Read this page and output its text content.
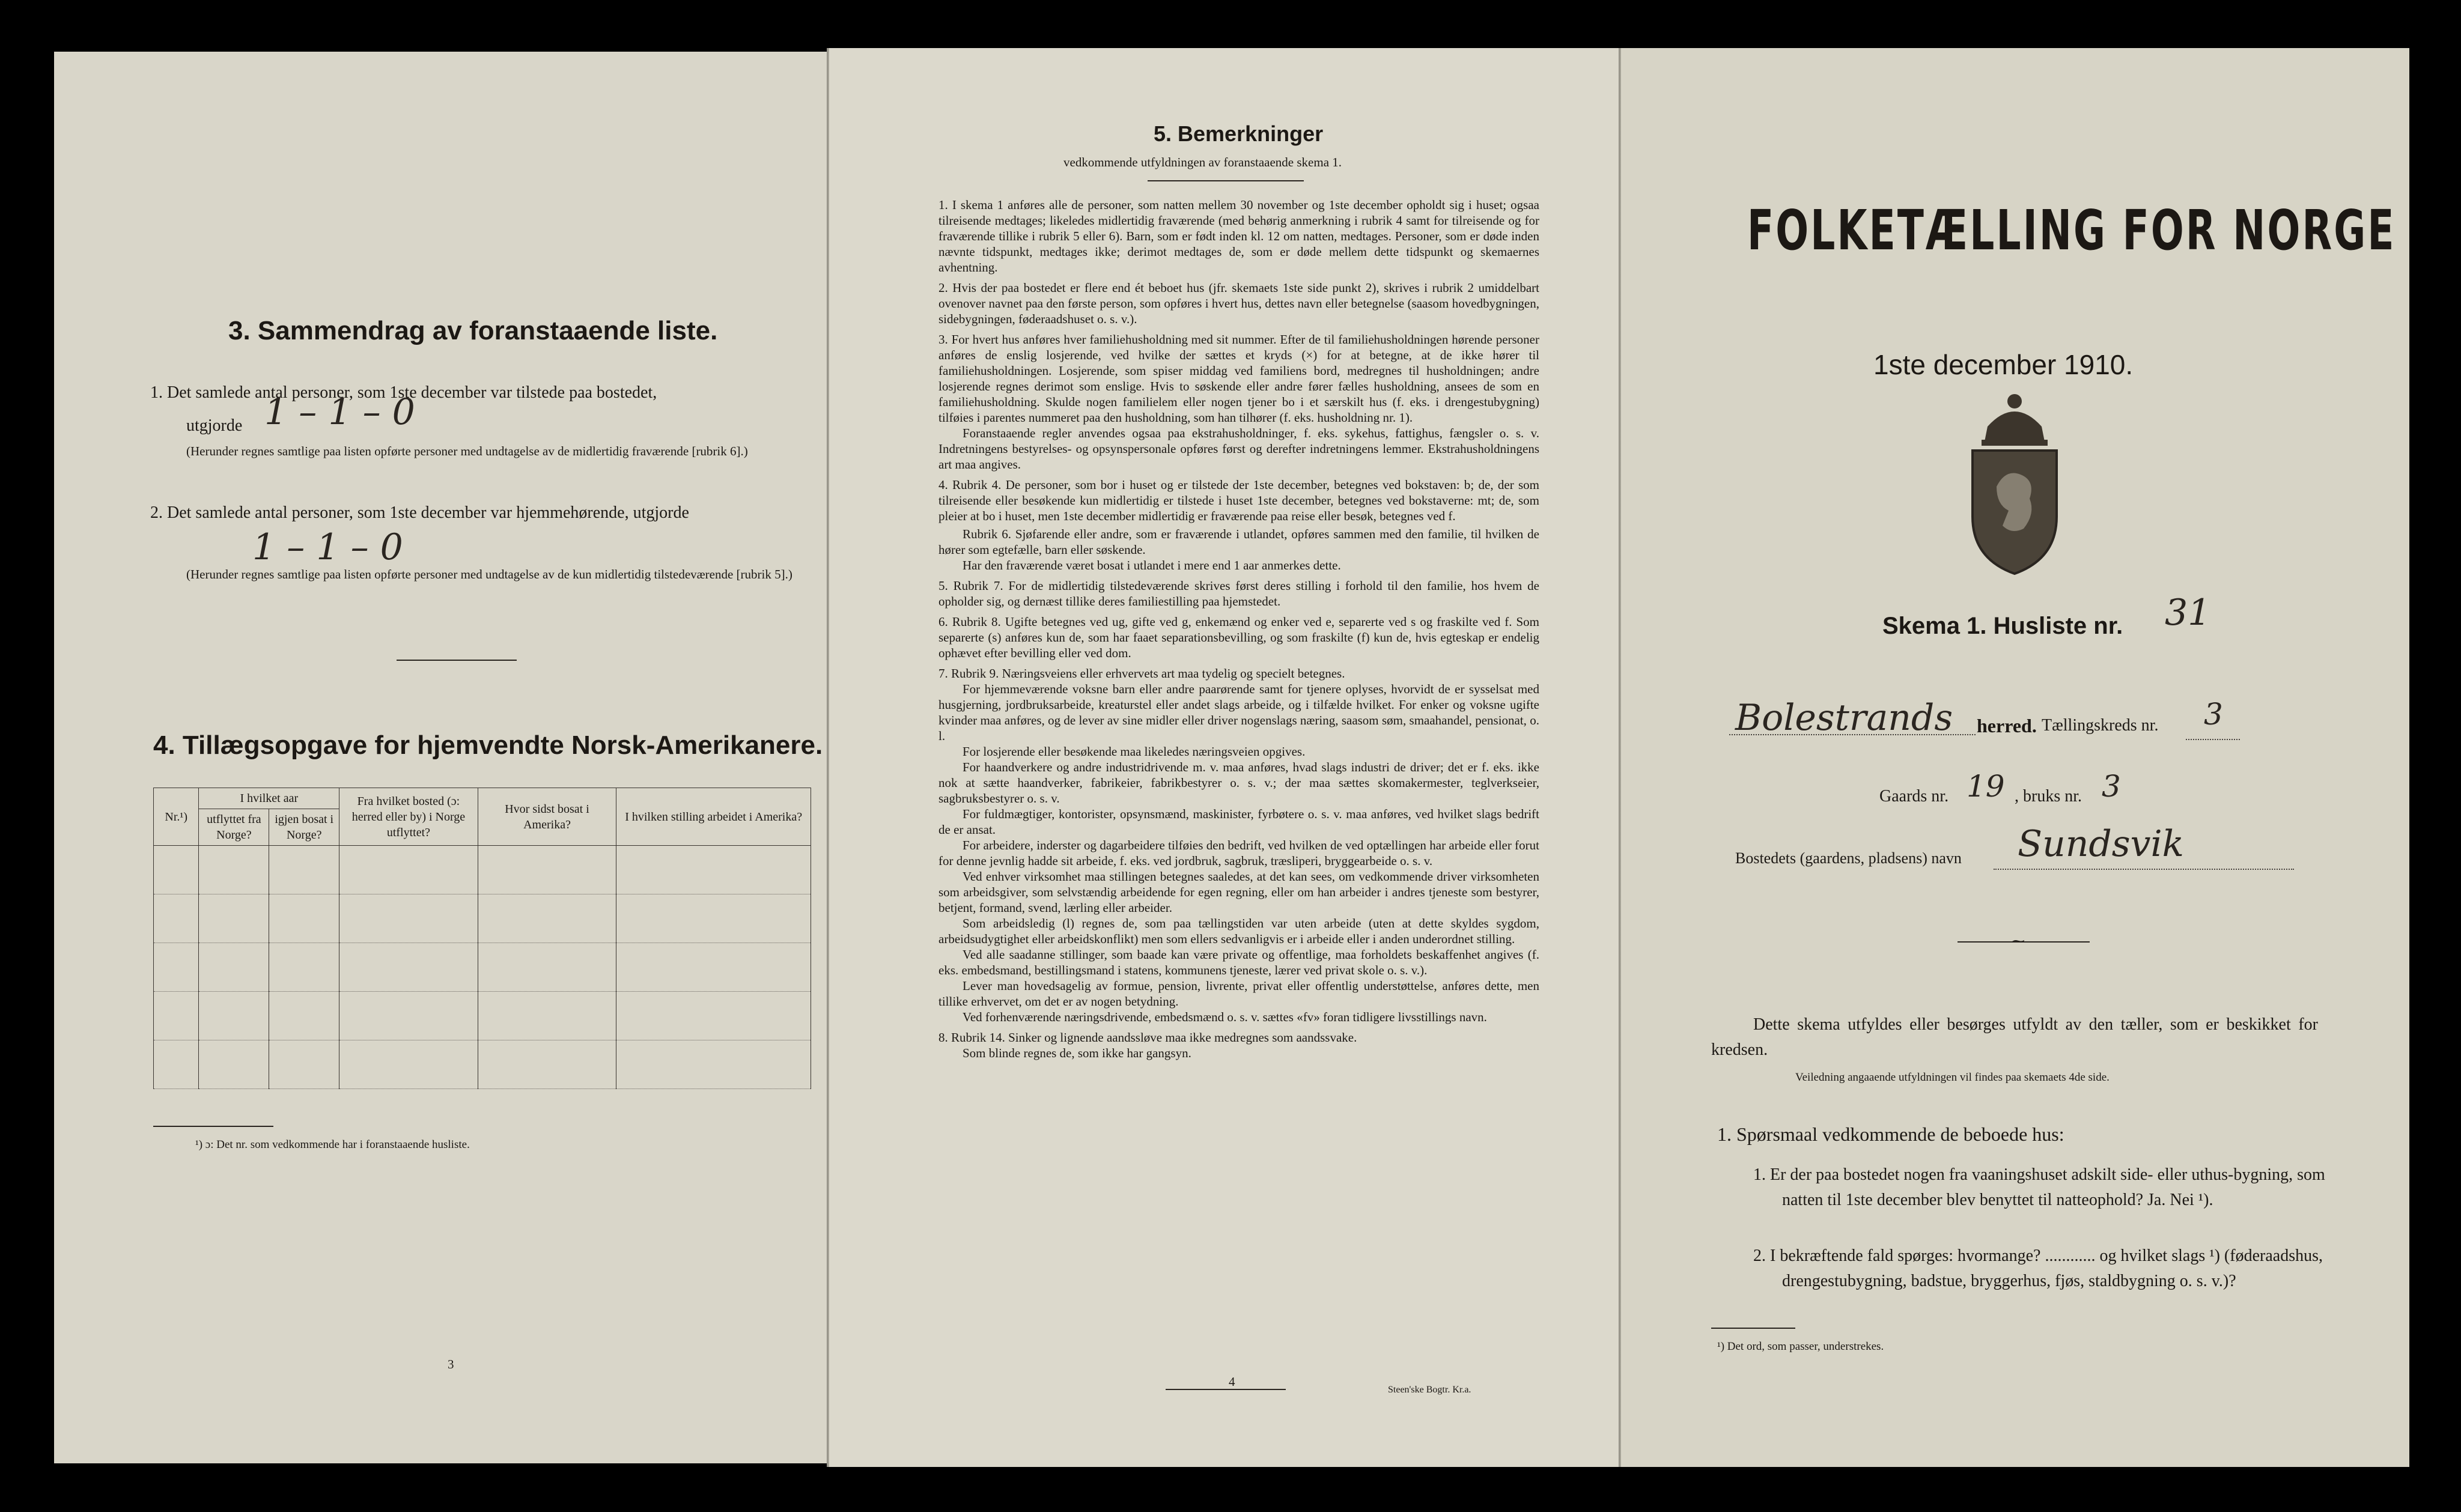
3. Sammendrag av foranstaaende liste.
1. Det samlede antal personer, som 1ste december var tilstede paa bostedet,
utgjorde 1 – 1 – 0
(Herunder regnes samtlige paa listen opførte personer med undtagelse av de midlertidig fraværende [rubrik 6].)
2. Det samlede antal personer, som 1ste december var hjemmehørende, utgjorde
1 – 1 – 0
(Herunder regnes samtlige paa listen opførte personer med undtagelse av de kun midlertidig tilstedeværende [rubrik 5].)
4. Tillægsopgave for hjemvendte Norsk-Amerikanere.
Nr.¹)	I hvilket aar		Fra hvilket bosted (ɔ: herred eller by) i Norge utflyttet?	Hvor sidst bosat i Amerika?	I hvilken stilling arbeidet i Amerika?
	utflyttet fra Norge?	igjen bosat i Norge?			

¹) ɔ: Det nr. som vedkommende har i foranstaaende husliste.
3
5. Bemerkninger
vedkommende utfyldningen av foranstaaende skema 1.

1. I skema 1 anføres alle de personer, som natten mellem 30 november og 1ste december opholdt sig i huset; ogsaa tilreisende medtages; likeledes midlertidig fraværende (med behørig anmerkning i rubrik 4 samt for tilreisende og for fraværende tillike i rubrik 5 eller 6). Barn, som er født inden kl. 12 om natten, medtages. Personer, som er døde inden nævnte tidspunkt, medtages ikke; derimot medtages de, som er døde mellem dette tidspunkt og skemaernes avhentning.

2. Hvis der paa bostedet er flere end ét beboet hus (jfr. skemaets 1ste side punkt 2), skrives i rubrik 2 umiddelbart ovenover navnet paa den første person, som opføres i hvert hus, dettes navn eller betegnelse (saasom hovedbygningen, sidebygningen, føderaadshuset o. s. v.).

3. For hvert hus anføres hver familiehusholdning med sit nummer. Efter de til familiehusholdningen hørende personer anføres de enslig losjerende, ved hvilke der sættes et kryds (×) for at betegne, at de ikke hører til familiehusholdningen. Losjerende, som spiser middag ved familiens bord, medregnes til husholdningen; andre losjerende regnes derimot som enslige. Hvis to søskende eller andre fører fælles husholdning, ansees de som en familiehusholdning. Skulde nogen familielem eller nogen tjener bo i et særskilt hus (f. eks. i drengestubygning) tilføies i parentes nummeret paa den husholdning, som han tilhører (f. eks. husholdning nr. 1).

Foranstaaende regler anvendes ogsaa paa ekstrahusholdninger, f. eks. sykehus, fattighus, fængsler o. s. v. Indretningens bestyrelses- og opsynspersonale opføres først og derefter indretningens lemmer. Ekstrahusholdningens art maa angives.

4. Rubrik 4. De personer, som bor i huset og er tilstede der 1ste december, betegnes ved bokstaven: b; de, der som tilreisende eller besøkende kun midlertidig er tilstede i huset 1ste december, betegnes ved bokstaverne: mt; de, som pleier at bo i huset, men 1ste december midlertidig er fraværende paa reise eller besøk, betegnes ved f.

Rubrik 6. Sjøfarende eller andre, som er fraværende i utlandet, opføres sammen med den familie, til hvilken de hører som egtefælle, barn eller søskende.

Har den fraværende været bosat i utlandet i mere end 1 aar anmerkes dette.

5. Rubrik 7. For de midlertidig tilstedeværende skrives først deres stilling i forhold til den familie, hos hvem de opholder sig, og dernæst tillike deres familiestilling paa hjemstedet.

6. Rubrik 8. Ugifte betegnes ved ug, gifte ved g, enkemænd og enker ved e, separerte ved s og fraskilte ved f. Som separerte (s) anføres kun de, som har faaet separationsbevilling, og som fraskilte (f) kun de, hvis egteskap er endelig ophævet efter bevilling eller ved dom.

7. Rubrik 9. Næringsveiens eller erhvervets art maa tydelig og specielt betegnes.

For hjemmeværende voksne barn eller andre paarørende samt for tjenere oplyses, hvorvidt de er sysselsat med husgjerning, jordbruksarbeide, kreaturstel eller andet slags arbeide, og i tilfælde hvilket. For enker og voksne ugifte kvinder maa anføres, og de lever av sine midler eller driver nogenslags næring, saasom søm, smaahandel, pensionat, o. l.

For losjerende eller besøkende maa likeledes næringsveien opgives.

For haandverkere og andre industridrivende m. v. maa anføres, hvad slags industri de driver; det er f. eks. ikke nok at sætte haandverker, fabrikeier, fabrikbestyrer o. s. v.; der maa sættes skomakermester, teglverkseier, sagbruksbestyrer o. s. v.

For fuldmægtiger, kontorister, opsynsmænd, maskinister, fyrbøtere o. s. v. maa anføres, ved hvilket slags bedrift de er ansat.

For arbeidere, inderster og dagarbeidere tilføies den bedrift, ved hvilken de ved optællingen har arbeide eller forut for denne jevnlig hadde sit arbeide, f. eks. ved jordbruk, sagbruk, træsliperi, bryggearbeide o. s. v.

Ved enhver virksomhet maa stillingen betegnes saaledes, at det kan sees, om vedkommende driver virksomheten som arbeidsgiver, som selvstændig arbeidende for egen regning, eller om han arbeider i andres tjeneste som bestyrer, betjent, formand, svend, lærling eller arbeider.

Som arbeidsledig (l) regnes de, som paa tællingstiden var uten arbeide (uten at dette skyldes sygdom, arbeidsudygtighet eller arbeidskonflikt) men som ellers sedvanligvis er i arbeide eller i anden underordnet stilling.

Ved alle saadanne stillinger, som baade kan være private og offentlige, maa forholdets beskaffenhet angives (f. eks. embedsmand, bestillingsmand i statens, kommunens tjeneste, lærer ved privat skole o. s. v.).

Lever man hovedsagelig av formue, pension, livrente, privat eller offentlig understøttelse, anføres dette, men tillike erhvervet, om det er av nogen betydning.

Ved forhenværende næringsdrivende, embedsmænd o. s. v. sættes «fv» foran tidligere livsstillings navn.

8. Rubrik 14. Sinker og lignende aandssløve maa ikke medregnes som aandssvake.

Som blinde regnes de, som ikke har gangsyn.

4
Steen'ske Bogtr. Kr.a.
FOLKETÆLLING FOR NORGE
1ste december 1910.
Skema 1. Husliste nr. 31
Bolestrands herred. Tællingskreds nr. 3
Gaards nr. 19 , bruks nr. 3
Bostedets (gaardens, pladsens) navn Sundsvik
⁓
Dette skema utfyldes eller besørges utfyldt av den tæller, som er beskikket for kredsen.
Veiledning angaaende utfyldningen vil findes paa skemaets 4de side.
1. Spørsmaal vedkommende de beboede hus:
1. Er der paa bostedet nogen fra vaaningshuset adskilt side- eller uthus-bygning, som natten til 1ste december blev benyttet til natteophold? Ja. Nei ¹).
2. I bekræftende fald spørges: hvormange? ............ og hvilket slags ¹) (føderaadshus, drengestubygning, badstue, bryggerhus, fjøs, staldbygning o. s. v.)?
¹) Det ord, som passer, understrekes.
